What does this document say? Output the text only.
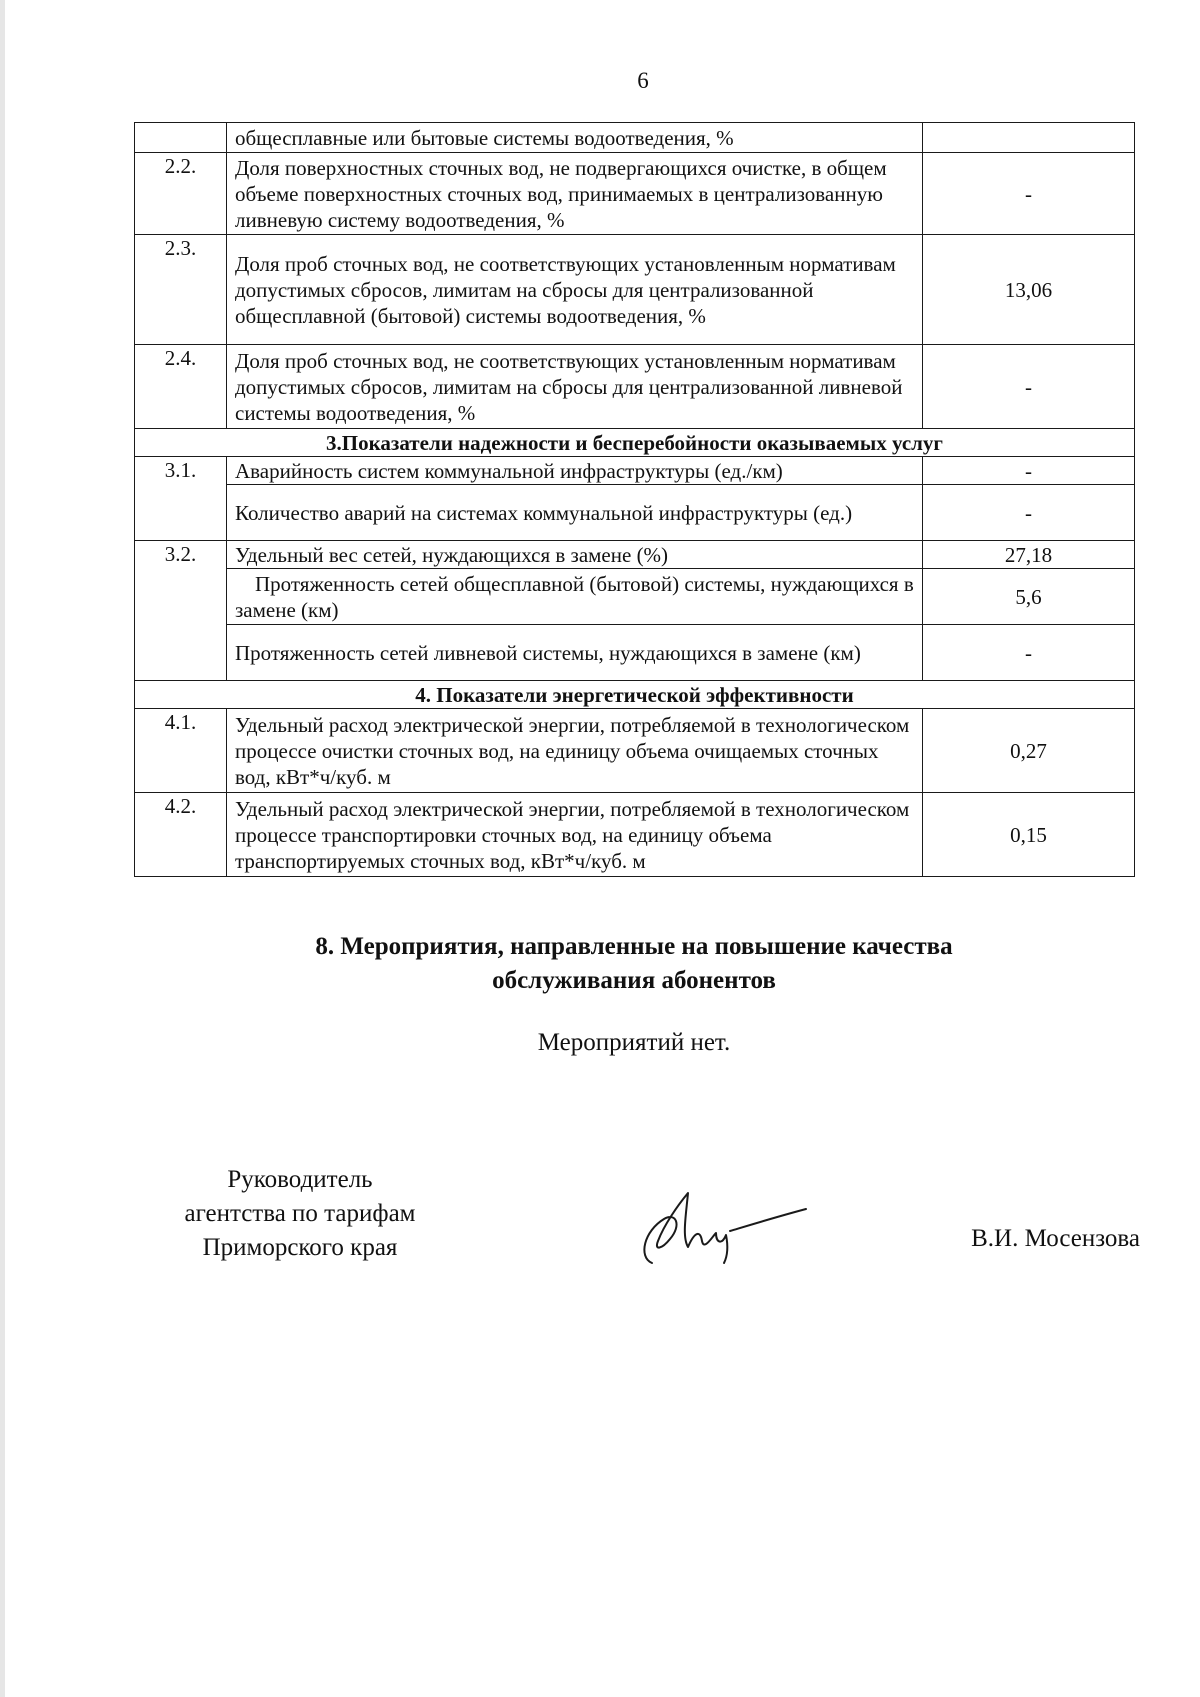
6
	общесплавные или бытовые системы водоотведения, %	
2.2.	Доля поверхностных сточных вод, не подвергающихся очистке, в общем объеме поверхностных сточных вод, принимаемых в централизованную ливневую систему водоотведения, %	-
2.3.	Доля проб сточных вод, не соответствующих установленным нормативам допустимых сбросов, лимитам на сбросы для централизованной общесплавной (бытовой) системы водоотведения, %	13,06
2.4.	Доля проб сточных вод, не соответствующих установленным нормативам допустимых сбросов, лимитам на сбросы для централизованной ливневой системы водоотведения, %	-
3.Показатели надежности и бесперебойности оказываемых услуг		
3.1.	Аварийность систем коммунальной инфраструктуры (ед./км)	-
	Количество аварий на системах коммунальной инфраструктуры (ед.)	-
3.2.	Удельный вес сетей, нуждающихся в замене (%)	27,18
	Протяженность сетей общесплавной (бытовой) системы, нуждающихся в замене (км)	5,6
	Протяженность сетей ливневой системы, нуждающихся в замене (км)	-
4. Показатели энергетической эффективности		
4.1.	Удельный расход электрической энергии, потребляемой в технологическом процессе очистки сточных вод, на единицу объема очищаемых сточных вод, кВт*ч/куб. м	0,27
4.2.	Удельный расход электрической энергии, потребляемой в технологическом процессе транспортировки сточных вод, на единицу объема транспортируемых сточных вод, кВт*ч/куб. м	0,15
8. Мероприятия, направленные на повышение качества
обслуживания абонентов
Мероприятий нет.
Руководитель
агентства по тарифам
Приморского края	В.И. Мосензова
